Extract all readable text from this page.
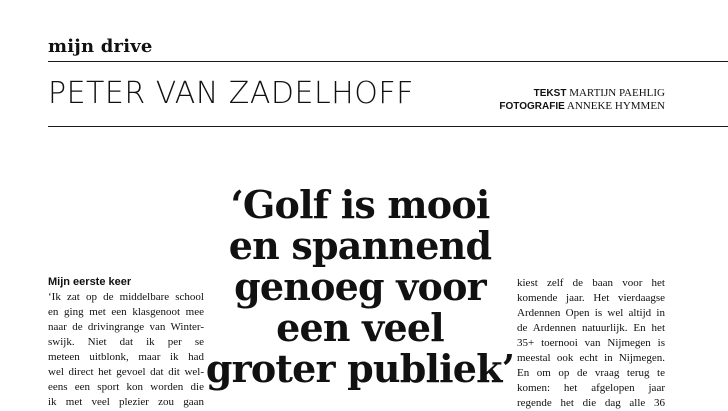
mijn drive
PETER VAN ZADELHOFF	TEKST MARTIJN PAEHLIG
FOTOGRAFIE ANNEKE HYMMEN
‘Golf is mooi
en spannend
genoeg voor
een veel
groter publiek’
Mijn eerste keer

‘Ik zat op de middelbare school
en ging met een klasgenoot mee
naar de drivingrange van Winter-
swijk. Niet dat ik per se
meteen uitblonk, maar ik had
wel direct het gevoel dat dit wel-
eens een sport kon worden die
ik met veel plezier zou gaan

kiest zelf de baan voor het
komende jaar. Het vierdaagse
Ardennen Open is wel altijd in
de Ardennen natuurlijk. En het
35+ toernooi van Nijmegen is
meestal ook echt in Nijmegen.
En om op de vraag terug te
komen: het afgelopen jaar
regende het die dag alle 36
